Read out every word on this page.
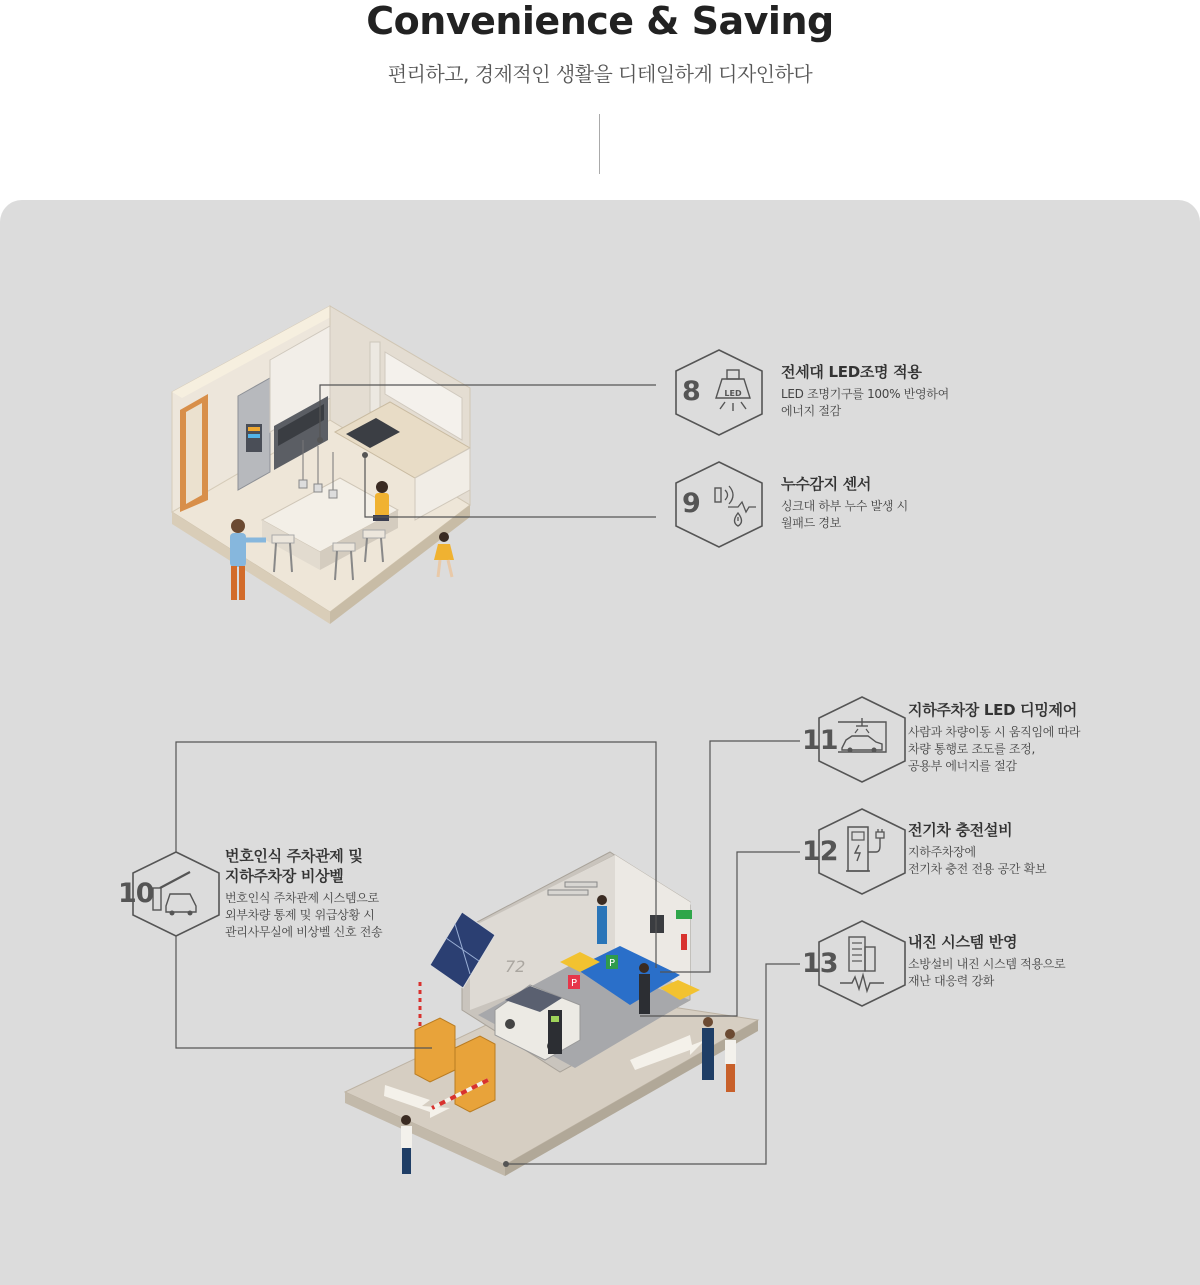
Convenience & Saving
편리하고, 경제적인 생활을 디테일하게 디자인하다
P
P
72
LED
8
9
10
11
12
13
전세대 LED조명 적용
LED 조명기구를 100% 반영하여
에너지 절감
누수감지 센서
싱크대 하부 누수 발생 시
월패드 경보
번호인식 주차관제 및
지하주차장 비상벨
번호인식 주차관제 시스템으로
외부차량 통제 및 위급상황 시
관리사무실에 비상벨 신호 전송
지하주차장 LED 디밍제어
사람과 차량이동 시 움직임에 따라
차량 통행로 조도를 조정,
공용부 에너지를 절감
전기차 충전설비
지하주차장에
전기차 충전 전용 공간 확보
내진 시스템 반영
소방설비 내진 시스템 적용으로
재난 대응력 강화
